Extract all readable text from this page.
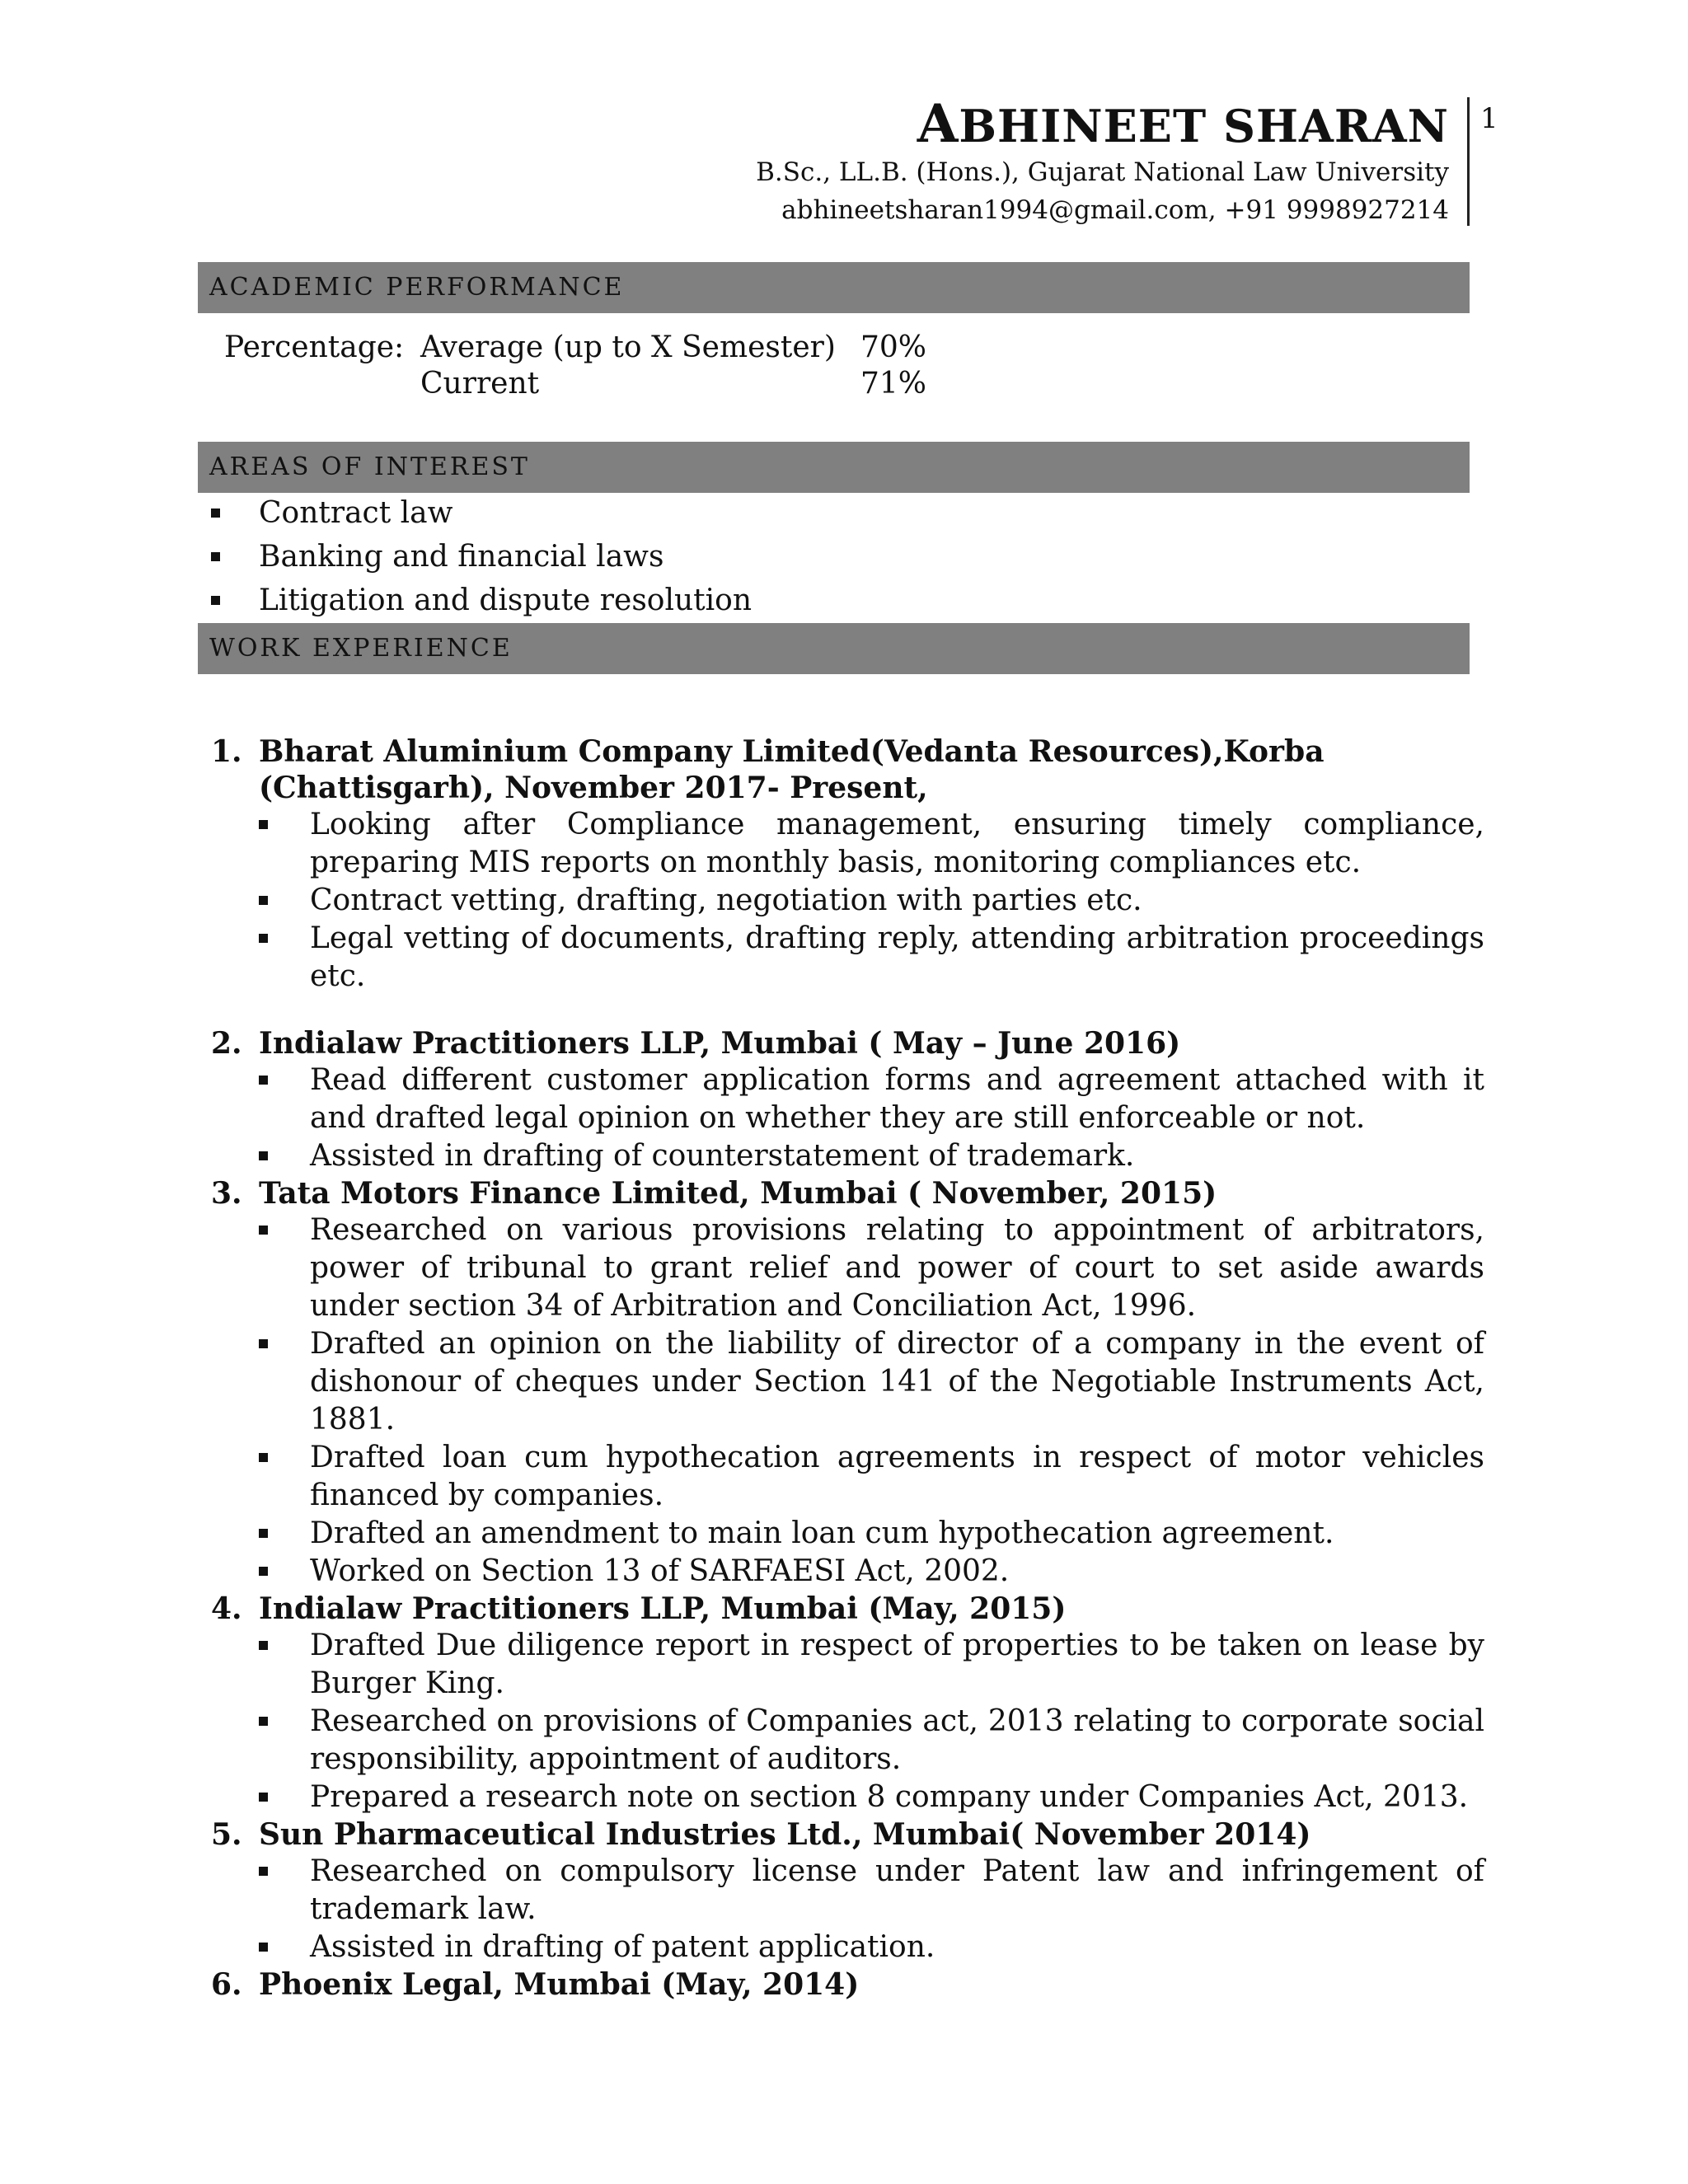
ABHINEET SHARAN
B.Sc., LL.B. (Hons.), Gujarat National Law University
abhineetsharan1994@gmail.com, +91 9998927214
1
ACADEMIC PERFORMANCE
Percentage: Average (up to X Semester) 70%
Current	71%
AREAS OF INTEREST
Contract law
Banking and financial laws
Litigation and dispute resolution
WORK EXPERIENCE
1. Bharat Aluminium Company Limited(Vedanta Resources),Korba (Chattisgarh), November 2017- Present,
Looking after Compliance management, ensuring timely compliance, preparing MIS reports on monthly basis, monitoring compliances etc.
Contract vetting, drafting, negotiation with parties etc.
Legal vetting of documents, drafting reply, attending arbitration proceedings etc.
2. Indialaw Practitioners LLP, Mumbai ( May – June 2016)
Read different customer application forms and agreement attached with it and drafted legal opinion on whether they are still enforceable or not.
Assisted in drafting of counterstatement of trademark.
3. Tata Motors Finance Limited, Mumbai ( November, 2015)
Researched on various provisions relating to appointment of arbitrators, power of tribunal to grant relief and power of court to set aside awards under section 34 of Arbitration and Conciliation Act, 1996.
Drafted an opinion on the liability of director of a company in the event of dishonour of cheques under Section 141 of the Negotiable Instruments Act, 1881.
Drafted loan cum hypothecation agreements in respect of motor vehicles financed by companies.
Drafted an amendment to main loan cum hypothecation agreement.
Worked on Section 13 of SARFAESI Act, 2002.
4. Indialaw Practitioners LLP, Mumbai (May, 2015)
Drafted Due diligence report in respect of properties to be taken on lease by Burger King.
Researched on provisions of Companies act, 2013 relating to corporate social responsibility, appointment of auditors.
Prepared a research note on section 8 company under Companies Act, 2013.
5. Sun Pharmaceutical Industries Ltd., Mumbai( November 2014)
Researched on compulsory license under Patent law and infringement of trademark law.
Assisted in drafting of patent application.
6. Phoenix Legal, Mumbai (May, 2014)
